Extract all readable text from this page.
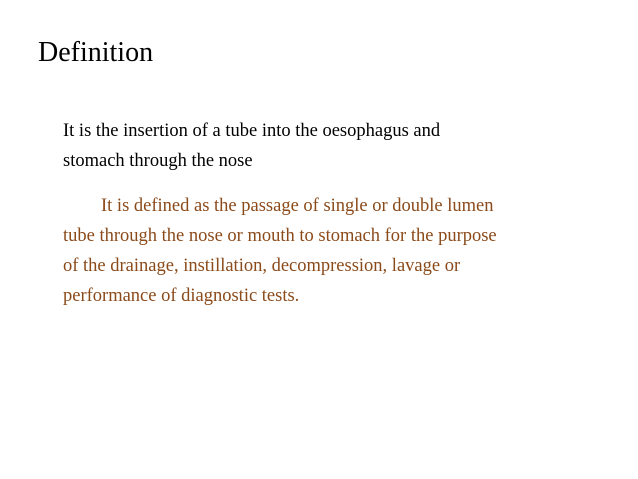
Definition
It is the insertion of a tube into the oesophagus and
stomach through the nose
It is defined as the passage of single or double lumen
tube through the nose or mouth to stomach for the purpose
of the drainage, instillation, decompression, lavage or
performance of diagnostic tests.
